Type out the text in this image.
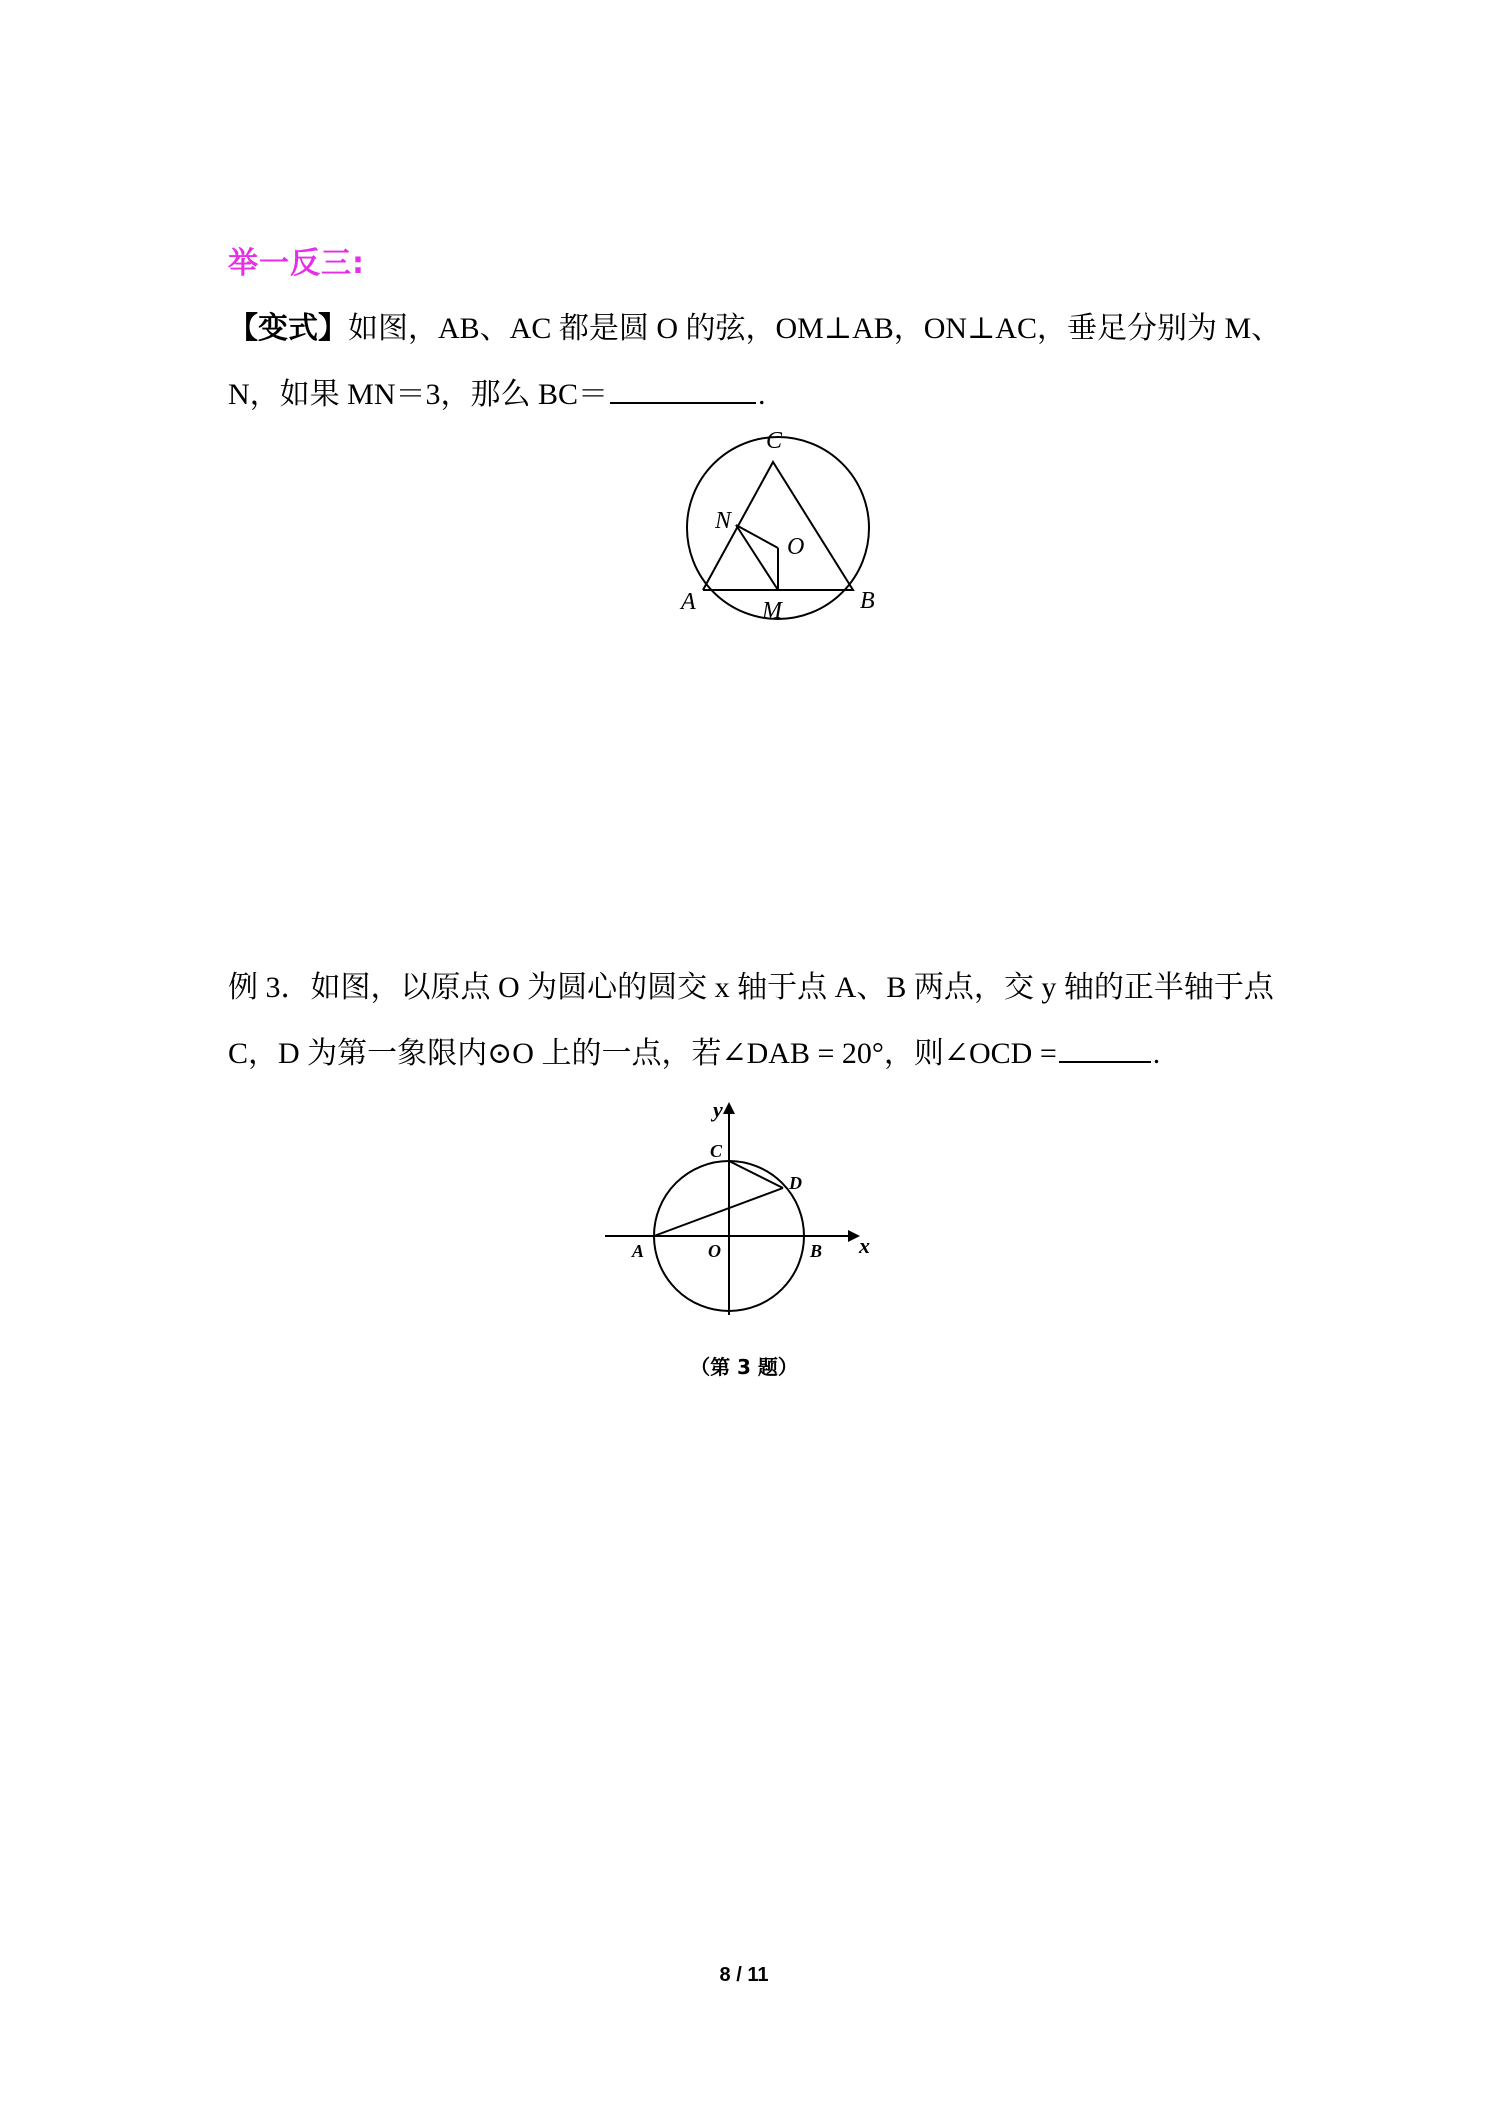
举一反三:
【变式】如图，AB、AC 都是圆 O 的弦，OM⊥AB，ON⊥AC，垂足分别为 M、
N，如果 MN＝3，那么 BC＝	.
C
N
O
A	M	B
例 3．如图，以原点 O 为圆心的圆交 x 轴于点 A、B 两点，交 y 轴的正半轴于点
C，D 为第一象限内⊙O 上的一点，若∠DAB = 20°，则∠OCD =	.
y
x
C
D
A	O	B
（第 3 题）
8 / 11
